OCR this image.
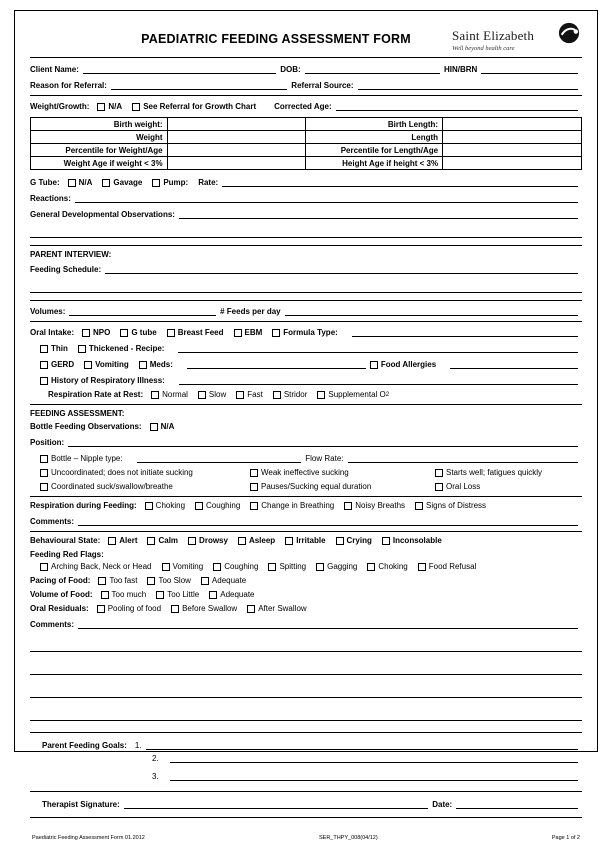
PAEDIATRIC FEEDING ASSESSMENT FORM	Saint Elizabeth
Well beyond health care
Client Name:	DOB:	HIN/BRN
Reason for Referral:	Referral Source:
Weight/Growth: N/A	See Referral for Growth Chart Corrected Age:
Birth weight:		Birth Length:	
Weight		Length	
Percentile for Weight/Age		Percentile for Length/Age	
Weight Age if weight < 3%		Height Age if height < 3%	
G Tube: N/A	Gavage	Pump: Rate:
Reactions:
General Developmental Observations:
PARENT INTERVIEW:
Feeding Schedule:
Volumes:	# Feeds per day
Oral Intake: NPO	G tube	Breast Feed	EBM	Formula Type:
Thin	Thickened - Recipe:
GERD	Vomiting	Meds:	Food Allergies
History of Respiratory Illness:
Respiration Rate at Rest: Normal	Slow	Fast	Stridor	Supplemental O 2
FEEDING ASSESSMENT:
Bottle Feeding Observations: N/A
Position:
Bottle – Nipple type:	Flow Rate:
Uncoordinated; does not initiate sucking	Weak ineffective sucking	Starts well; fatigues quickly
Coordinated suck/swallow/breathe	Pauses/Sucking equal duration	Oral Loss
Respiration during Feeding: Choking	Coughing	Change in Breathing	Noisy Breaths	Signs of Distress
Comments:
Behavioural State: Alert	Calm	Drowsy	Asleep	Irritable	Crying	Inconsolable
Feeding Red Flags:
Arching Back, Neck or Head	Vomiting	Coughing	Spitting	Gagging	Choking	Food Refusal
Pacing of Food: Too fast	Too Slow	Adequate
Volume of Food: Too much	Too Little	Adequate
Oral Residuals: Pooling of food	Before Swallow	After Swallow
Comments:
Parent Feeding Goals: 1.
2.
3.
Therapist Signature:	Date:
Paediatric Feeding Assessment Form 01.2012	SER_THPY_008(04/12)	Page 1 of 2
